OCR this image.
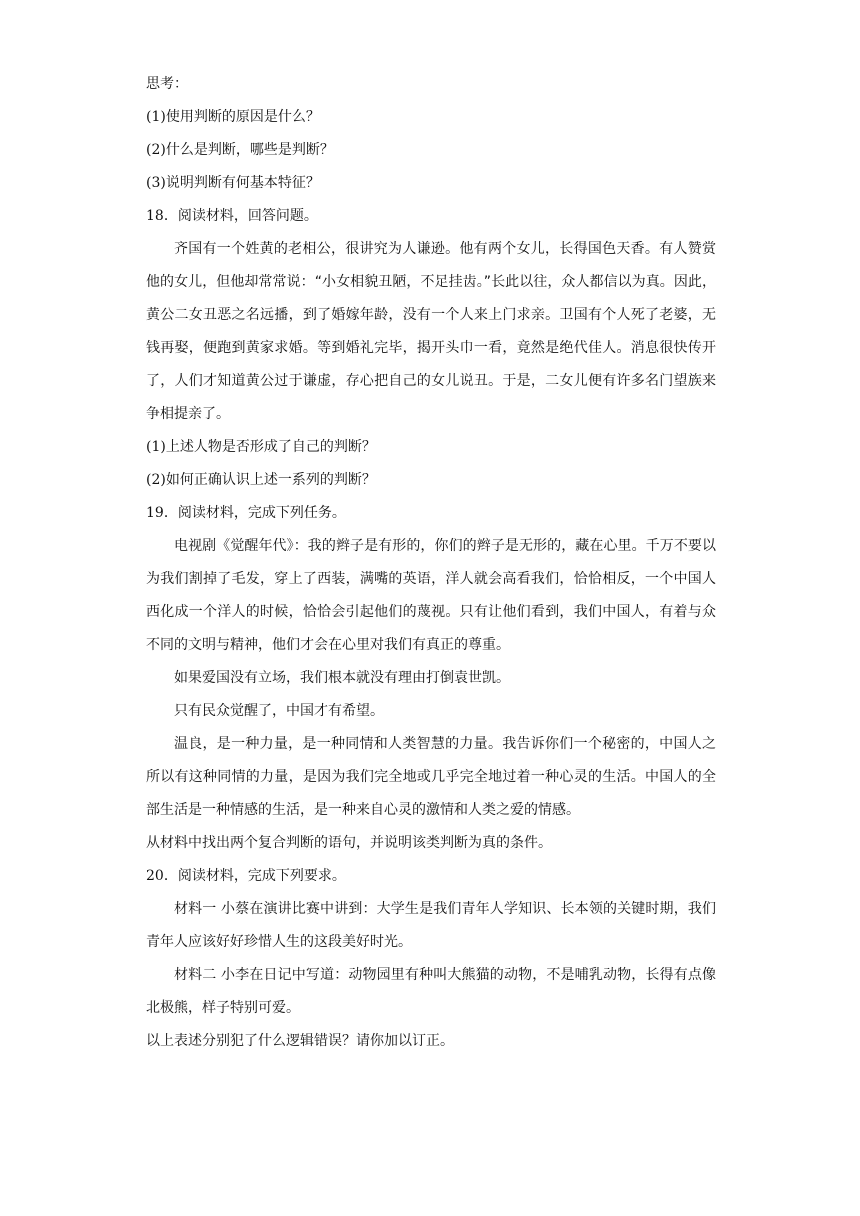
思考：
(1)使用判断的原因是什么？
(2)什么是判断，哪些是判断？
(3)说明判断有何基本特征？
18．阅读材料，回答问题。

齐国有一个姓黄的老相公，很讲究为人谦逊。他有两个女儿，长得国色天香。有人赞赏他的女儿，但他却常常说：“小女相貌丑陋，不足挂齿。”长此以往，众人都信以为真。因此，黄公二女丑恶之名远播，到了婚嫁年龄，没有一个人来上门求亲。卫国有个人死了老婆，无钱再娶，便跑到黄家求婚。等到婚礼完毕，揭开头巾一看，竟然是绝代佳人。消息很快传开了，人们才知道黄公过于谦虚，存心把自己的女儿说丑。于是，二女儿便有许多名门望族来争相提亲了。

(1)上述人物是否形成了自己的判断？
(2)如何正确认识上述一系列的判断？
19．阅读材料，完成下列任务。

电视剧《觉醒年代》：我的辫子是有形的，你们的辫子是无形的，藏在心里。千万不要以为我们割掉了毛发，穿上了西装，满嘴的英语，洋人就会高看我们，恰恰相反，一个中国人西化成一个洋人的时候，恰恰会引起他们的蔑视。只有让他们看到，我们中国人，有着与众不同的文明与精神，他们才会在心里对我们有真正的尊重。

如果爱国没有立场，我们根本就没有理由打倒袁世凯。

只有民众觉醒了，中国才有希望。

温良，是一种力量，是一种同情和人类智慧的力量。我告诉你们一个秘密的，中国人之所以有这种同情的力量，是因为我们完全地或几乎完全地过着一种心灵的生活。中国人的全部生活是一种情感的生活，是一种来自心灵的激情和人类之爱的情感。

从材料中找出两个复合判断的语句，并说明该类判断为真的条件。
20．阅读材料，完成下列要求。

材料一 小蔡在演讲比赛中讲到：大学生是我们青年人学知识、长本领的关键时期，我们青年人应该好好珍惜人生的这段美好时光。

材料二 小李在日记中写道：动物园里有种叫大熊猫的动物，不是哺乳动物，长得有点像北极熊，样子特别可爱。

以上表述分别犯了什么逻辑错误？请你加以订正。
